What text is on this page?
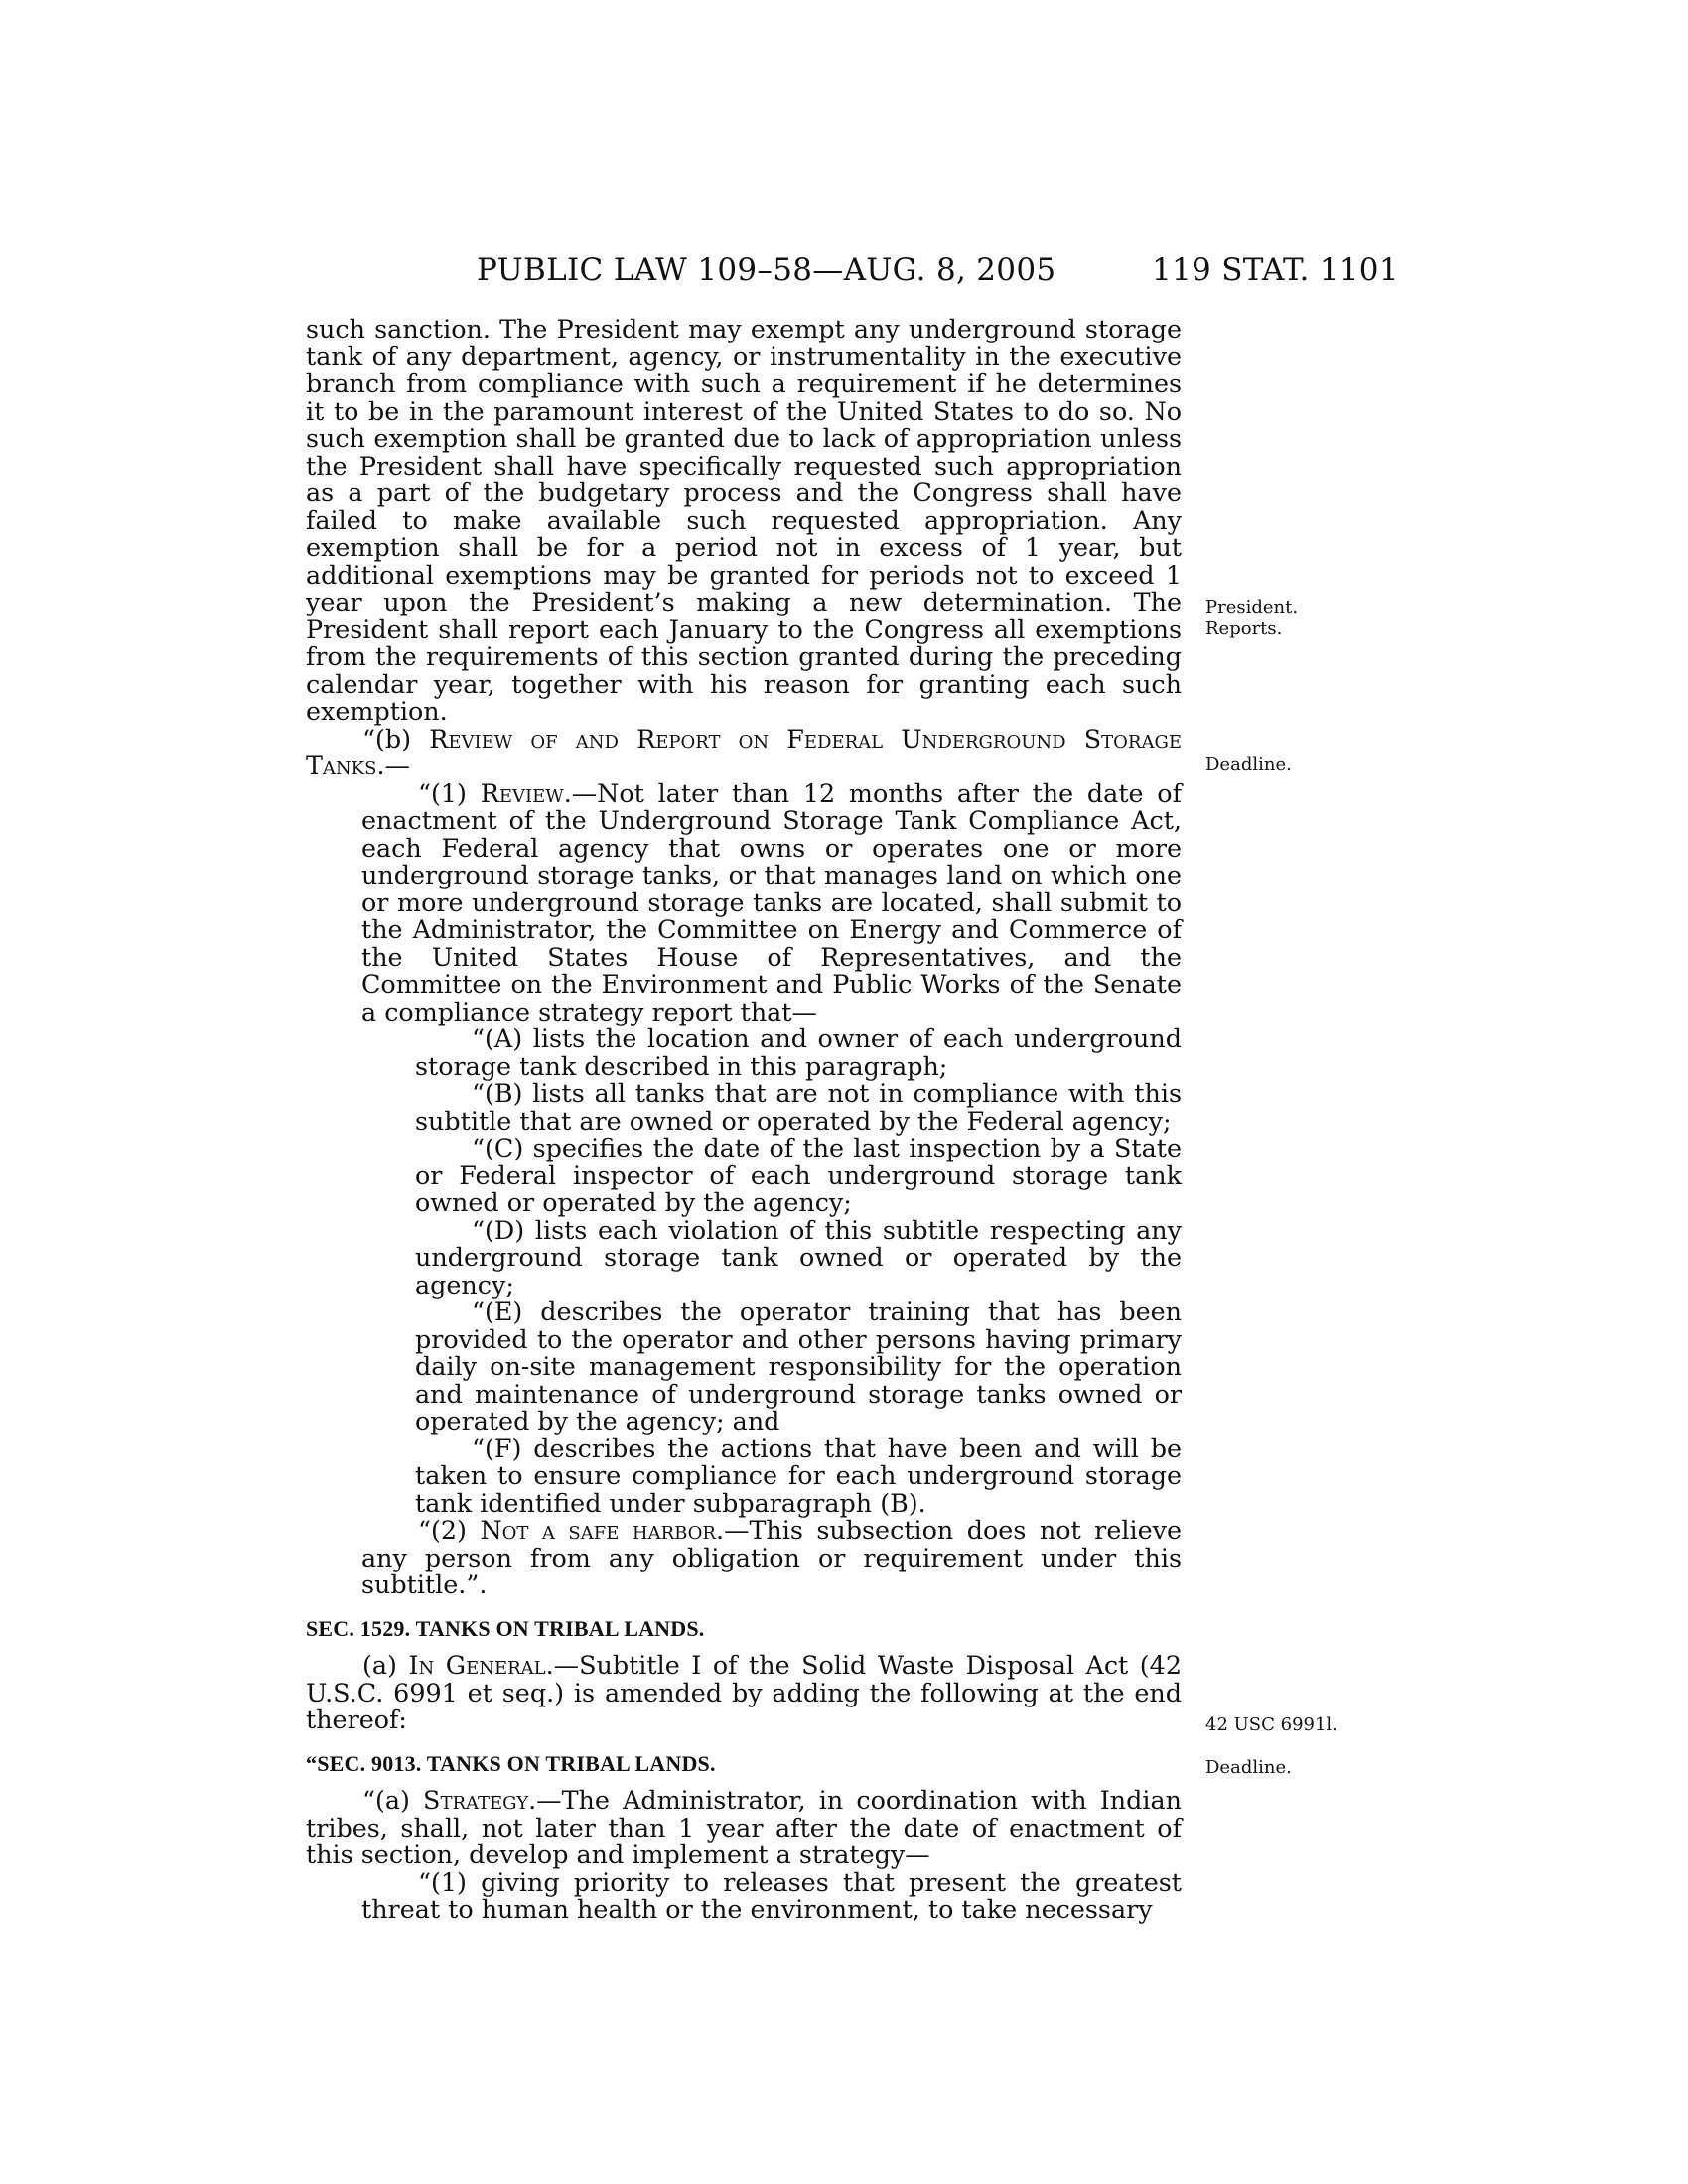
PUBLIC LAW 109–58—AUG. 8, 2005	119 STAT. 1101

such sanction. The President may exempt any underground storage tank of any department, agency, or instrumentality in the executive branch from compliance with such a requirement if he determines it to be in the paramount interest of the United States to do so. No such exemption shall be granted due to lack of appropriation unless the President shall have specifically requested such appropriation as a part of the budgetary process and the Congress shall have failed to make available such requested appropriation. Any exemption shall be for a period not in excess of 1 year, but additional exemptions may be granted for periods not to exceed 1 year upon the President’s making a new determination. The President shall report each January to the Congress all exemptions from the requirements of this section granted during the preceding calendar year, together with his reason for granting each such exemption.

“(b) Review of and Report on Federal Underground Storage Tanks.—

“(1) Review.—Not later than 12 months after the date of enactment of the Underground Storage Tank Compliance Act, each Federal agency that owns or operates one or more underground storage tanks, or that manages land on which one or more underground storage tanks are located, shall submit to the Administrator, the Committee on Energy and Commerce of the United States House of Representatives, and the Committee on the Environment and Public Works of the Senate a compliance strategy report that—

“(A) lists the location and owner of each underground storage tank described in this paragraph;

“(B) lists all tanks that are not in compliance with this subtitle that are owned or operated by the Federal agency;

“(C) specifies the date of the last inspection by a State or Federal inspector of each underground storage tank owned or operated by the agency;

“(D) lists each violation of this subtitle respecting any underground storage tank owned or operated by the agency;

“(E) describes the operator training that has been provided to the operator and other persons having primary daily on-site management responsibility for the operation and maintenance of underground storage tanks owned or operated by the agency; and

“(F) describes the actions that have been and will be taken to ensure compliance for each underground storage tank identified under subparagraph (B).

“(2) Not a safe harbor.—This subsection does not relieve any person from any obligation or requirement under this subtitle.”.

SEC. 1529. TANKS ON TRIBAL LANDS.

(a) In General.—Subtitle I of the Solid Waste Disposal Act (42 U.S.C. 6991 et seq.) is amended by adding the following at the end thereof:

“SEC. 9013. TANKS ON TRIBAL LANDS.

“(a) Strategy.—The Administrator, in coordination with Indian tribes, shall, not later than 1 year after the date of enactment of this section, develop and implement a strategy—

“(1) giving priority to releases that present the greatest threat to human health or the environment, to take necessary

President.
Reports.
Deadline.
42 USC 6991l.
Deadline.
